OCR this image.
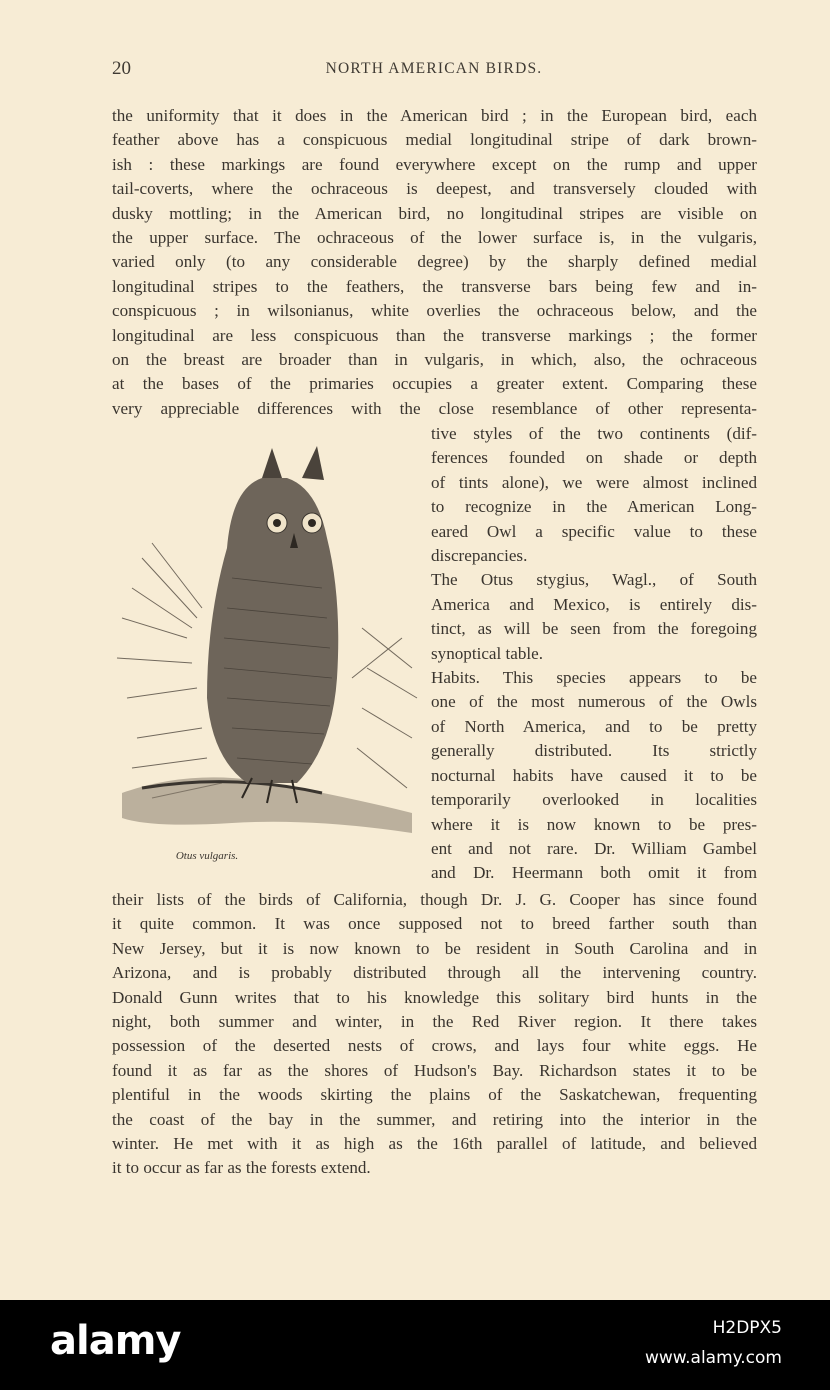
20	NORTH AMERICAN BIRDS.
the uniformity that it does in the American bird ; in the European bird, each
feather above has a conspicuous medial longitudinal stripe of dark brown-
ish : these markings are found everywhere except on the rump and upper
tail-coverts, where the ochraceous is deepest, and transversely clouded with
dusky mottling; in the American bird, no longitudinal stripes are visible on
the upper surface. The ochraceous of the lower surface is, in the vulgaris,
varied only (to any considerable degree) by the sharply defined medial
longitudinal stripes to the feathers, the transverse bars being few and in-
conspicuous ; in wilsonianus, white overlies the ochraceous below, and the
longitudinal are less conspicuous than the transverse markings ; the former
on the breast are broader than in vulgaris, in which, also, the ochraceous
at the bases of the primaries occupies a greater extent. Comparing these
very appreciable differences with the close resemblance of other representa-
Otus vulgaris.
tive styles of the two continents (dif-
ferences founded on shade or depth
of tints alone), we were almost inclined
to recognize in the American Long-
eared Owl a specific value to these
discrepancies.
The Otus stygius, Wagl., of South
America and Mexico, is entirely dis-
tinct, as will be seen from the foregoing
synoptical table.
Habits. This species appears to be
one of the most numerous of the Owls
of North America, and to be pretty
generally distributed. Its strictly
nocturnal habits have caused it to be
temporarily overlooked in localities
where it is now known to be pres-
ent and not rare. Dr. William Gambel
and Dr. Heermann both omit it from
their lists of the birds of California, though Dr. J. G. Cooper has since found
it quite common. It was once supposed not to breed farther south than
New Jersey, but it is now known to be resident in South Carolina and in
Arizona, and is probably distributed through all the intervening country.
Donald Gunn writes that to his knowledge this solitary bird hunts in the
night, both summer and winter, in the Red River region. It there takes
possession of the deserted nests of crows, and lays four white eggs. He
found it as far as the shores of Hudson's Bay. Richardson states it to be
plentiful in the woods skirting the plains of the Saskatchewan, frequenting
the coast of the bay in the summer, and retiring into the interior in the
winter. He met with it as high as the 16th parallel of latitude, and believed
it to occur as far as the forests extend.
alamy	H2DPX5
www.alamy.com
